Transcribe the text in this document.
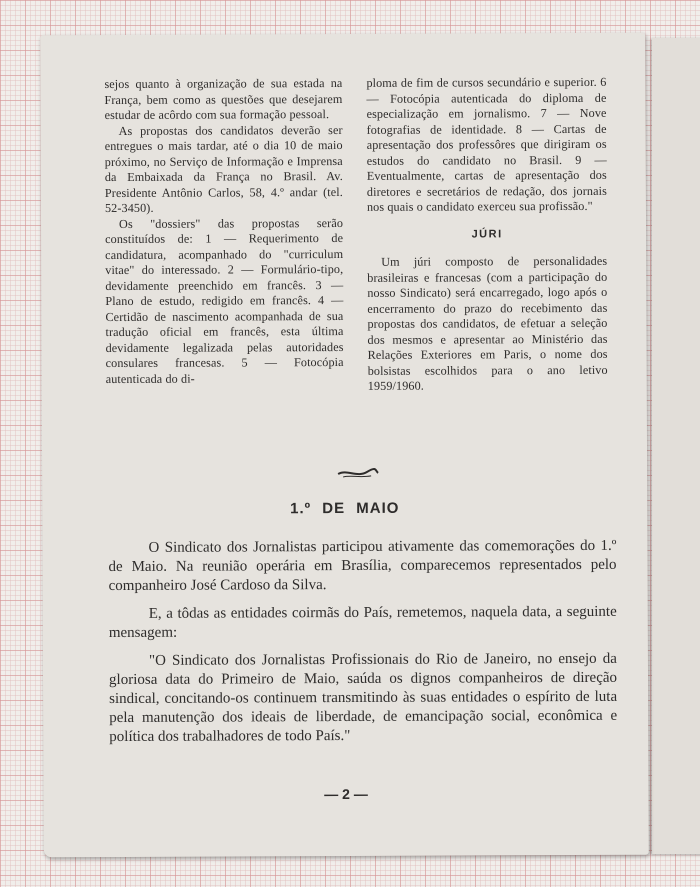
sejos quanto à organização de sua estada na França, bem como as questões que desejarem estudar de acôrdo com sua formação pessoal.

As propostas dos candidatos deverão ser entregues o mais tardar, até o dia 10 de maio próximo, no Serviço de Informação e Imprensa da Embaixada da França no Brasil. Av. Presidente Antônio Carlos, 58, 4.º andar (tel. 52-3450).

Os "dossiers" das propostas serão constituídos de: 1 — Requerimento de candidatura, acompanhado do "curriculum vitae" do interessado. 2 — Formulário-tipo, devidamente preenchido em francês. 3 — Plano de estudo, redigido em francês. 4 — Certidão de nascimento acompanhada de sua tradução oficial em francês, esta última devidamente legalizada pelas autoridades consulares francesas. 5 — Fotocópia autenticada do di-

ploma de fim de cursos secundário e superior. 6 — Fotocópia autenticada do diploma de especialização em jornalismo. 7 — Nove fotografias de identidade. 8 — Cartas de apresentação dos professôres que dirigiram os estudos do candidato no Brasil. 9 — Eventualmente, cartas de apresentação dos diretores e secretários de redação, dos jornais nos quais o candidato exerceu sua profissão."

JÚRI

Um júri composto de personalidades brasileiras e francesas (com a participação do nosso Sindicato) será encarregado, logo após o encerramento do prazo do recebimento das propostas dos candidatos, de efetuar a seleção dos mesmos e apresentar ao Ministério das Relações Exteriores em Paris, o nome dos bolsistas escolhidos para o ano letivo 1959/1960.

1.º DE MAIO

O Sindicato dos Jornalistas participou ativamente das comemorações do 1.º de Maio. Na reunião operária em Brasília, comparecemos representados pelo companheiro José Cardoso da Silva.

E, a tôdas as entidades coirmãs do País, remetemos, naquela data, a seguinte mensagem:

"O Sindicato dos Jornalistas Profissionais do Rio de Janeiro, no ensejo da gloriosa data do Primeiro de Maio, saúda os dignos companheiros de direção sindical, concitando-os continuem transmitindo às suas entidades o espírito de luta pela manutenção dos ideais de liberdade, de emancipação social, econômica e política dos trabalhadores de todo País."

— 2 —
